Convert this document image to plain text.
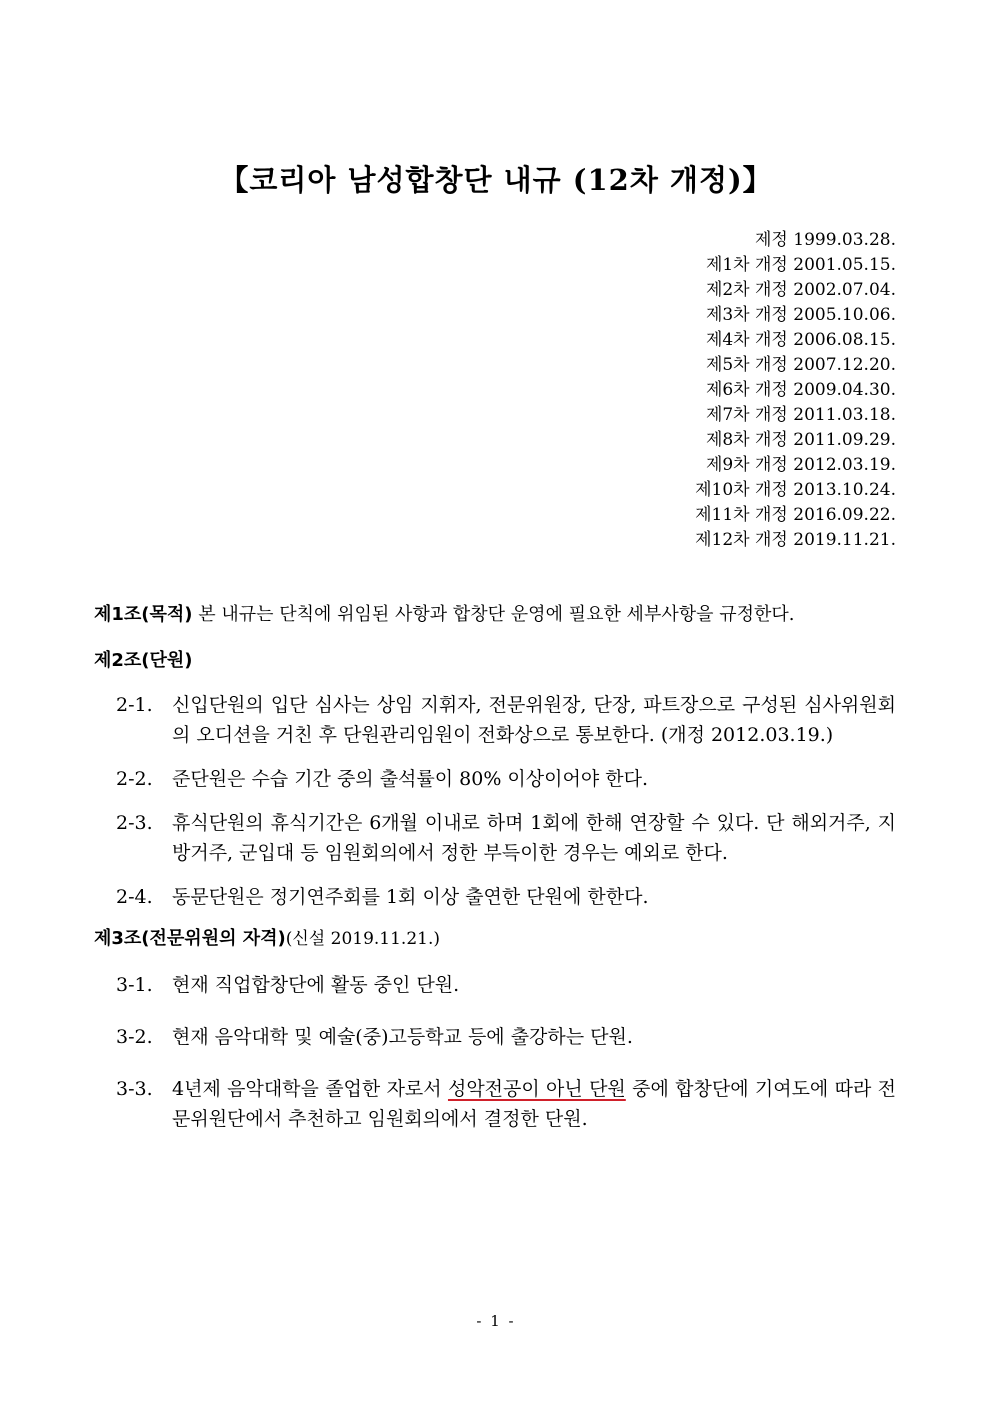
【코리아 남성합창단 내규 (12차 개정)】
제정 1999.03.28.
제1차 개정 2001.05.15.
제2차 개정 2002.07.04.
제3차 개정 2005.10.06.
제4차 개정 2006.08.15.
제5차 개정 2007.12.20.
제6차 개정 2009.04.30.
제7차 개정 2011.03.18.
제8차 개정 2011.09.29.
제9차 개정 2012.03.19.
제10차 개정 2013.10.24.
제11차 개정 2016.09.22.
제12차 개정 2019.11.21.

제1조(목적) 본 내규는 단칙에 위임된 사항과 합창단 운영에 필요한 세부사항을 규정한다.

제2조(단원)

2-1. 신입단원의 입단 심사는 상임 지휘자, 전문위원장, 단장, 파트장으로 구성된 심사위원회의 오디션을 거친 후 단원관리임원이 전화상으로 통보한다. (개정 2012.03.19.)
2-2. 준단원은 수습 기간 중의 출석률이 80% 이상이어야 한다.
2-3. 휴식단원의 휴식기간은 6개월 이내로 하며 1회에 한해 연장할 수 있다. 단 해외거주, 지방거주, 군입대 등 임원회의에서 정한 부득이한 경우는 예외로 한다.
2-4. 동문단원은 정기연주회를 1회 이상 출연한 단원에 한한다.

제3조(전문위원의 자격)(신설 2019.11.21.)

3-1. 현재 직업합창단에 활동 중인 단원.
3-2. 현재 음악대학 및 예술(중)고등학교 등에 출강하는 단원.
3-3. 4년제 음악대학을 졸업한 자로서 성악전공이 아닌 단원 중에 합창단에 기여도에 따라 전문위원단에서 추천하고 임원회의에서 결정한 단원.
- 1 -
